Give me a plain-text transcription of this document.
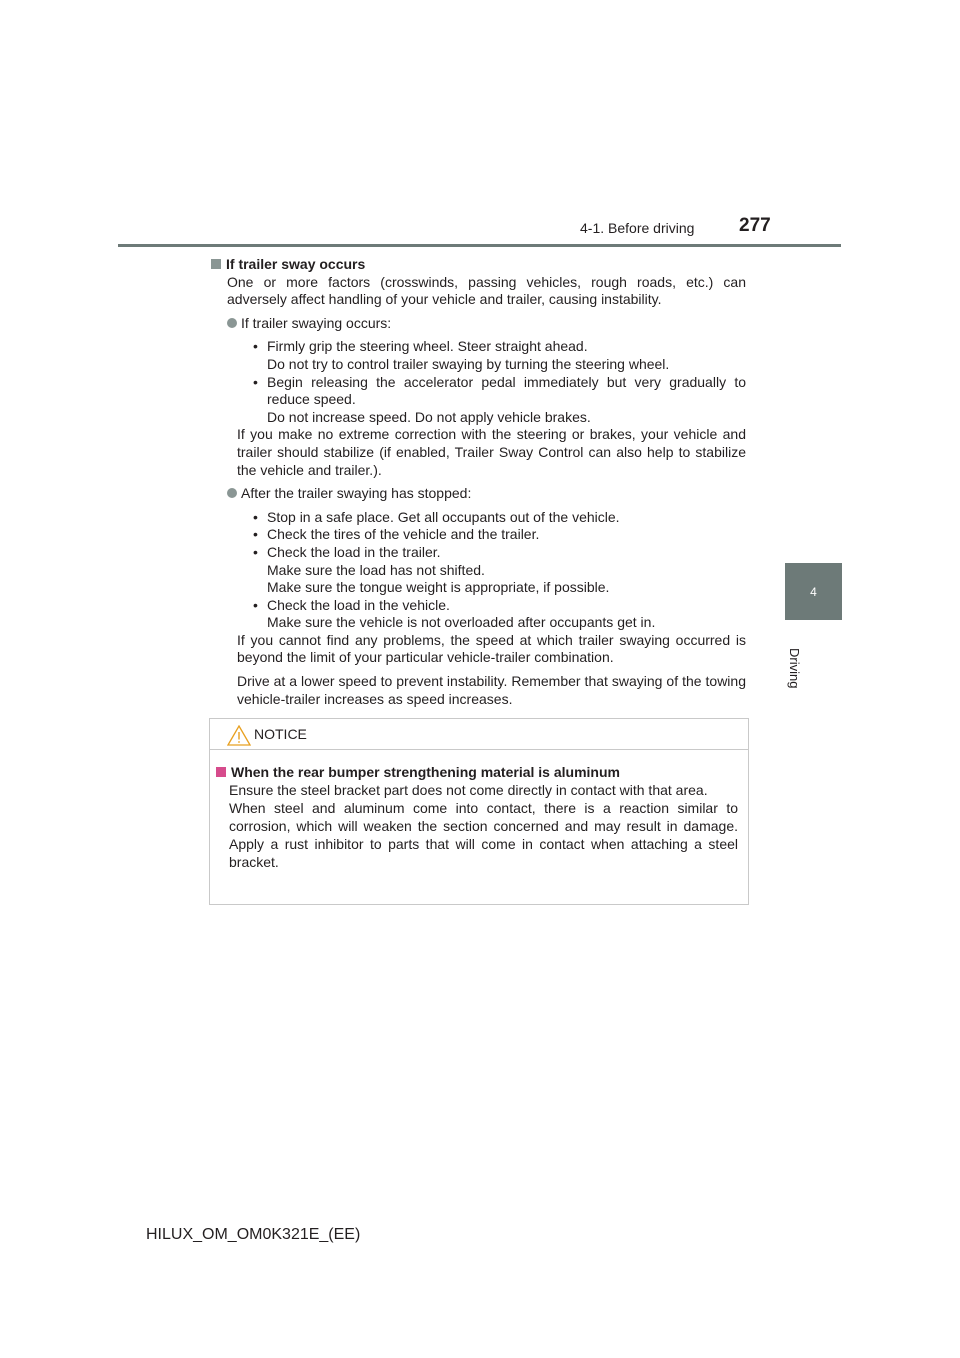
4-1. Before driving 277
4
Driving
If trailer sway occurs

One or more factors (crosswinds, passing vehicles, rough roads, etc.) can adversely affect handling of your vehicle and trailer, causing instability.

If trailer swaying occurs:
• Firmly grip the steering wheel. Steer straight ahead.

Do not try to control trailer swaying by turning the steering wheel.

• Begin releasing the accelerator pedal immediately but very gradually to reduce speed.

Do not increase speed. Do not apply vehicle brakes.

If you make no extreme correction with the steering or brakes, your vehicle and trailer should stabilize (if enabled, Trailer Sway Control can also help to stabilize the vehicle and trailer.).

After the trailer swaying has stopped:
• Stop in a safe place. Get all occupants out of the vehicle.

• Check the tires of the vehicle and the trailer.

• Check the load in the trailer.

Make sure the load has not shifted.

Make sure the tongue weight is appropriate, if possible.

• Check the load in the vehicle.

Make sure the vehicle is not overloaded after occupants get in.

If you cannot find any problems, the speed at which trailer swaying occurred is beyond the limit of your particular vehicle-trailer combination.

Drive at a lower speed to prevent instability. Remember that swaying of the towing vehicle-trailer increases as speed increases.

NOTICE
When the rear bumper strengthening material is aluminum

Ensure the steel bracket part does not come directly in contact with that area.

When steel and aluminum come into contact, there is a reaction similar to corrosion, which will weaken the section concerned and may result in damage. Apply a rust inhibitor to parts that will come in contact when attaching a steel bracket.

HILUX_OM_OM0K321E_(EE)
